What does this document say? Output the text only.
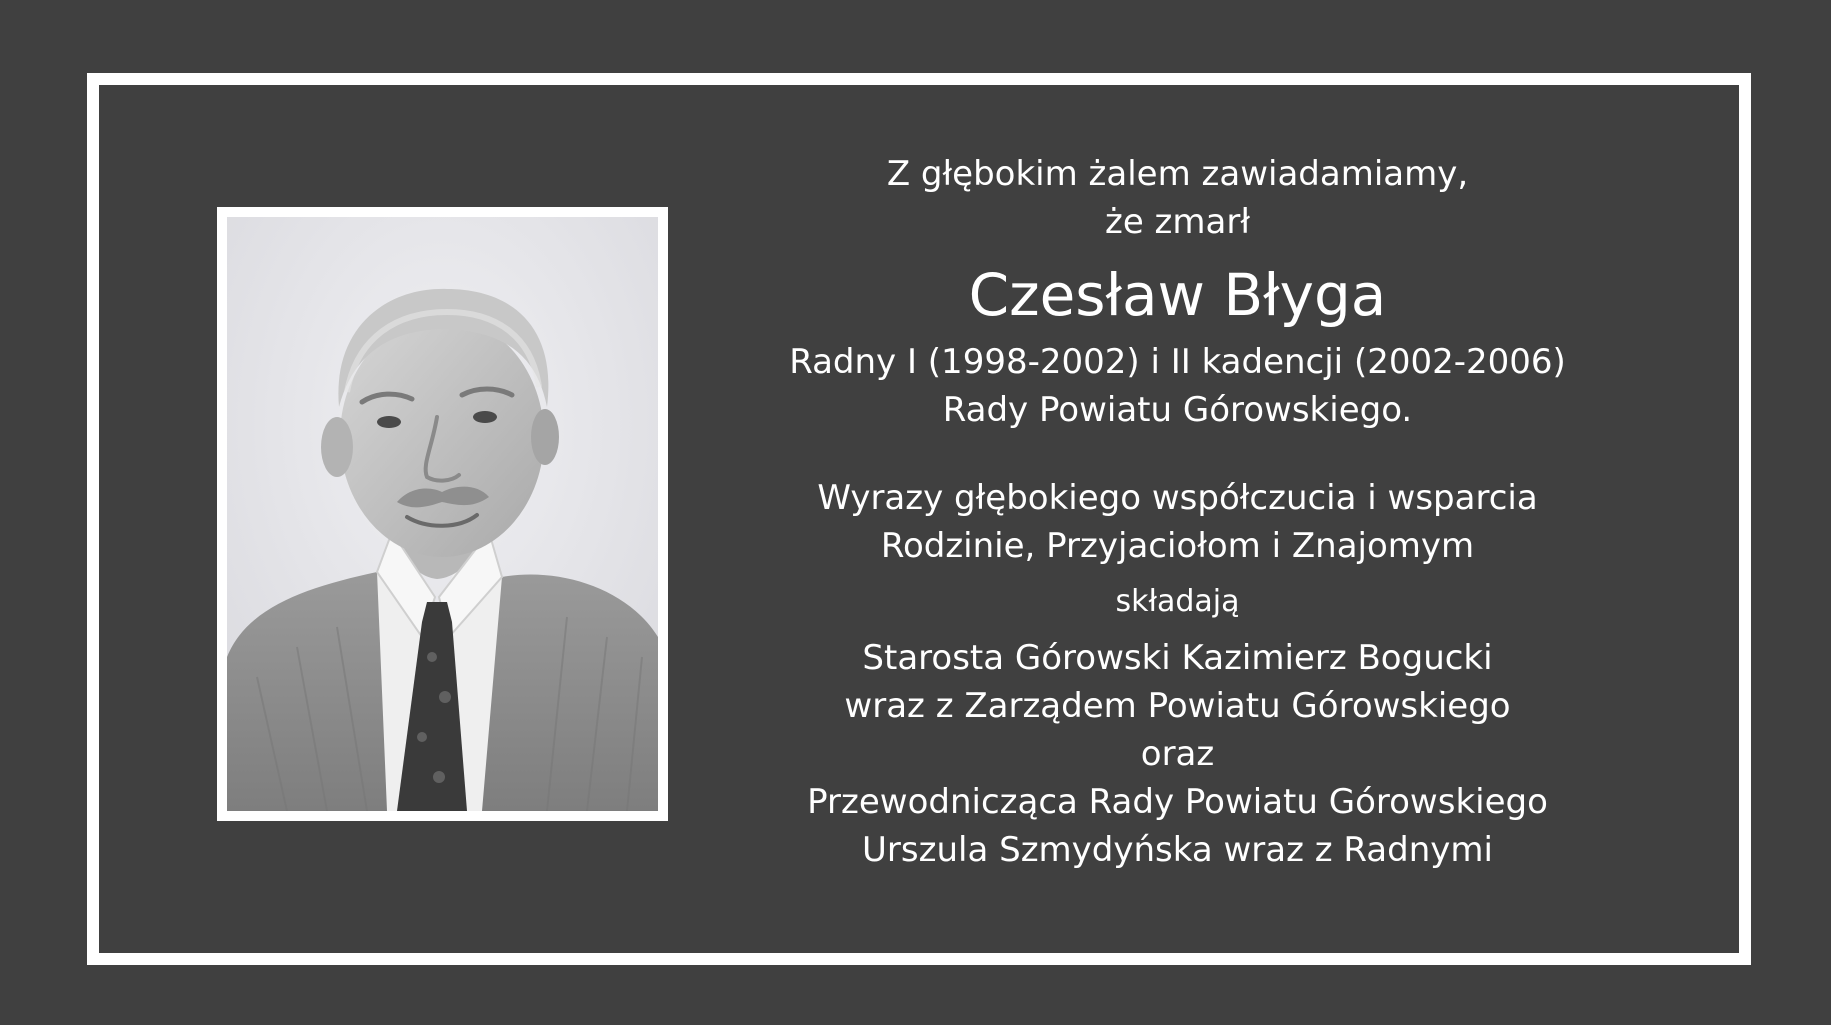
Z głębokim żalem zawiadamiamy,
że zmarł
Czesław Błyga
Radny I (1998-2002) i II kadencji (2002-2006)
Rady Powiatu Górowskiego.
Wyrazy głębokiego współczucia i wsparcia
Rodzinie, Przyjaciołom i Znajomym
składają
Starosta Górowski Kazimierz Bogucki
wraz z Zarządem Powiatu Górowskiego
oraz
Przewodnicząca Rady Powiatu Górowskiego
Urszula Szmydyńska wraz z Radnymi
